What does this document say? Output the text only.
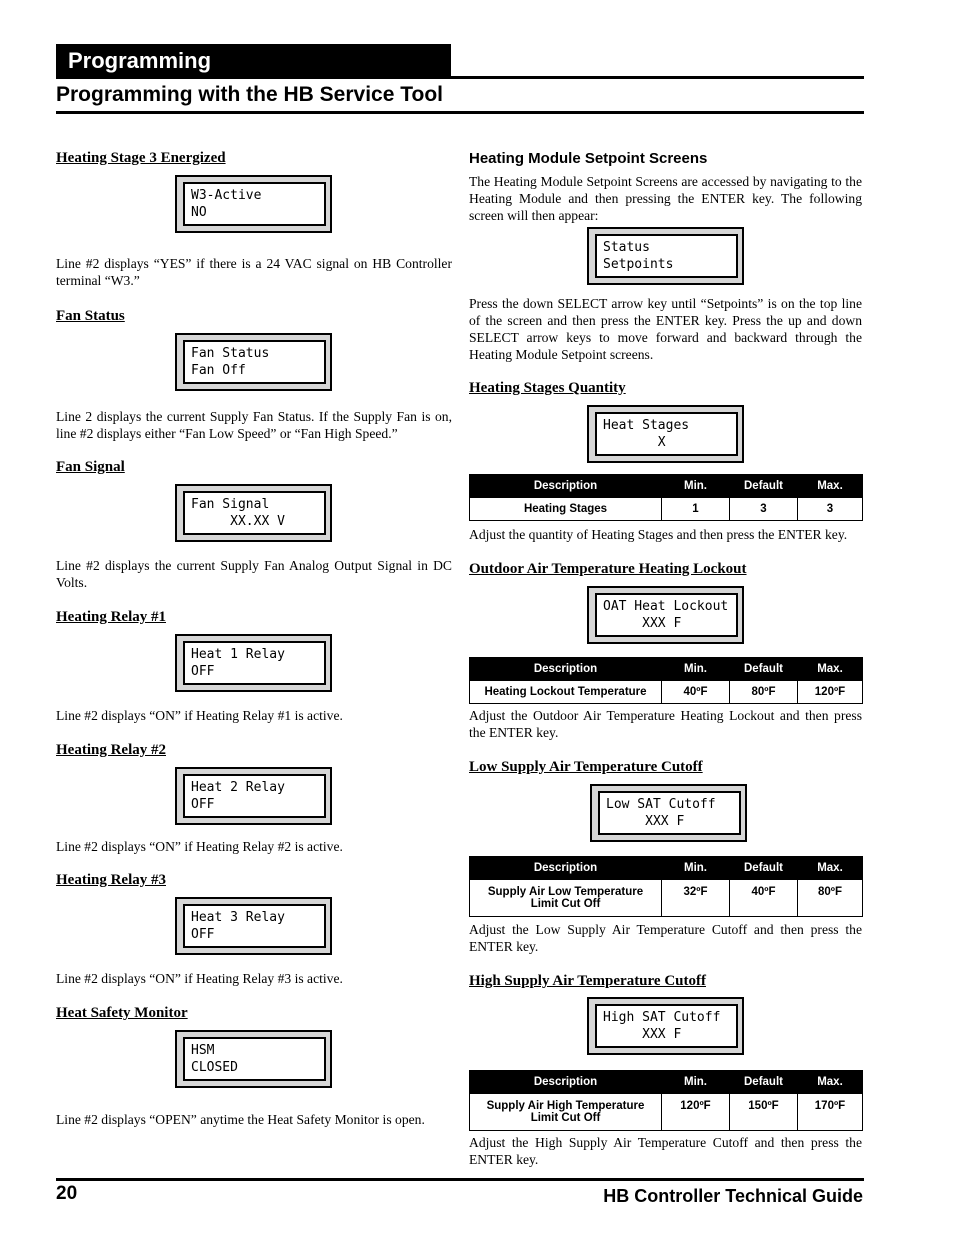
Programming
Programming with the HB Service Tool
Heating Stage 3 Energized
W3-Active
NO
Line #2 displays “YES” if there is a 24 VAC signal on HB Controller terminal “W3.”
Fan Status
Fan Status
Fan Off
Line 2 displays the current Supply Fan Status. If the Supply Fan is on, line #2 displays either “Fan Low Speed” or “Fan High Speed.”
Fan Signal
Fan Signal
XX.XX V
Line #2 displays the current Supply Fan Analog Output Signal in DC Volts.
Heating Relay #1
Heat 1 Relay
OFF
Line #2 displays “ON” if Heating Relay #1 is active.
Heating Relay #2
Heat 2 Relay
OFF
Line #2 displays “ON” if Heating Relay #2 is active.
Heating Relay #3
Heat 3 Relay
OFF
Line #2 displays “ON” if Heating Relay #3 is active.
Heat Safety Monitor
HSM
CLOSED
Line #2 displays “OPEN” anytime the Heat Safety Monitor is open.
Heating Module Setpoint Screens
The Heating Module Setpoint Screens are accessed by navigating to the Heating Module and then pressing the ENTER key. The following screen will then appear:
Status
Setpoints
Press the down SELECT arrow key until “Setpoints” is on the top line of the screen and then press the ENTER key. Press the up and down SELECT arrow keys to move forward and backward through the Heating Module Setpoint screens.
Heating Stages Quantity
Heat Stages
X
Description	Min.	Default	Max.
Heating Stages	1	3	3
Adjust the quantity of Heating Stages and then press the ENTER key.
Outdoor Air Temperature Heating Lockout
OAT Heat Lockout
XXX F
Description	Min.	Default	Max.
Heating Lockout Temperature	40ºF	80ºF	120ºF
Adjust the Outdoor Air Temperature Heating Lockout and then press the ENTER key.
Low Supply Air Temperature Cutoff
Low SAT Cutoff
XXX F
Description	Min.	Default	Max.
Supply Air Low Temperature Limit Cut Off	32ºF	40ºF	80ºF
Adjust the Low Supply Air Temperature Cutoff and then press the ENTER key.
High Supply Air Temperature Cutoff
High SAT Cutoff
XXX F
Description	Min.	Default	Max.
Supply Air High Temperature Limit Cut Off	120ºF	150ºF	170ºF
Adjust the High Supply Air Temperature Cutoff and then press the ENTER key.
20	HB Controller Technical Guide
